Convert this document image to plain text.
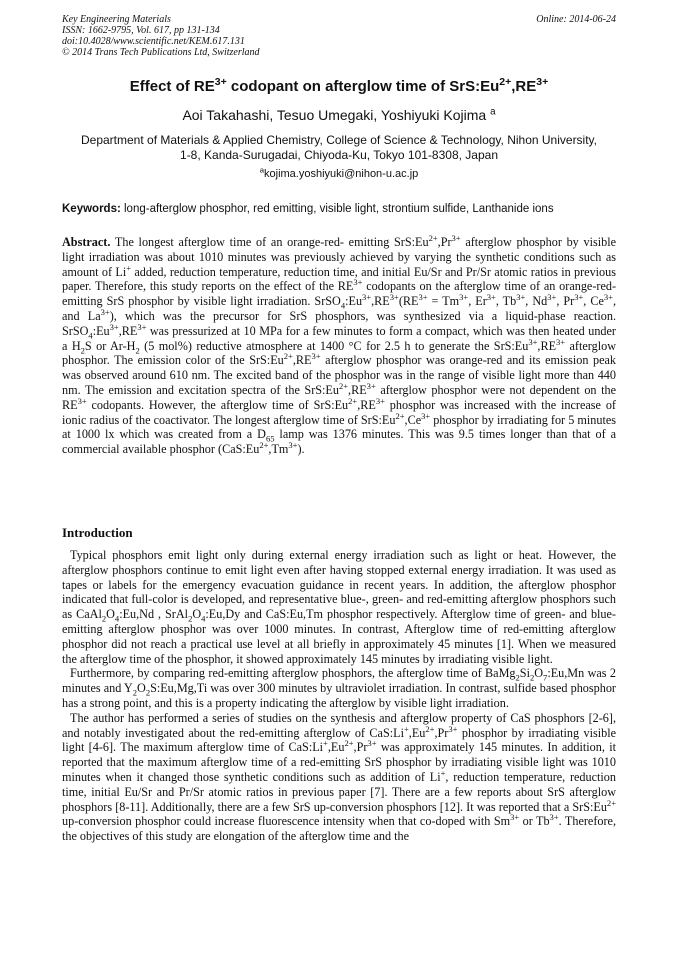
Key Engineering Materials
ISSN: 1662-9795, Vol. 617, pp 131-134
doi:10.4028/www.scientific.net/KEM.617.131
© 2014 Trans Tech Publications Ltd, Switzerland
Online: 2014-06-24
Effect of $RE^{3+}$ codopant on afterglow time of $SrS:Eu^{2+},RE^{3+}$
Aoi Takahashi, Tesuo Umegaki, Yoshiyuki Kojima $^a$
Department of Materials & Applied Chemistry, College of Science & Technology, Nihon University,
1-8, Kanda-Surugadai, Chiyoda-Ku, Tokyo 101-8308, Japan
$^a$kojima.yoshiyuki@nihon-u.ac.jp
Keywords: long-afterglow phosphor, red emitting, visible light, strontium sulfide, Lanthanide ions
Abstract. The longest afterglow time of an orange-red- emitting $SrS:Eu^{2+},Pr^{3+}$ afterglow phosphor by visible light irradiation was about 1010 minutes was previously achieved by varying the synthetic conditions such as amount of Li+ added, reduction temperature, reduction time, and initial Eu/Sr and Pr/Sr atomic ratios in previous paper. Therefore, this study reports on the effect of the $RE^{3+}$ codopants on the afterglow time of an orange-red-emitting SrS phosphor by visible light irradiation. $SrSO_4:Eu^{3+},RE^{3+}(RE^{3+} = Tm^{3+}$, $Er^{3+}$, $Tb^{3+}$, $Nd^{3+}$, $Pr^{3+}$, $Ce^{3+}$, and $La^{3+}$), which was the precursor for SrS phosphors, was synthesized via a liquid-phase reaction. $SrSO_4:Eu^{3+},RE^{3+}$ was pressurized at 10 MPa for a few minutes to form a compact, which was then heated under a $H_2S$ or $Ar-H_2$ (5 mol%) reductive atmosphere at 1400 °C for 2.5 h to generate the $SrS:Eu^{3+},RE^{3+}$ afterglow phosphor. The emission color of the $SrS:Eu^{2+},RE^{3+}$ afterglow phosphor was orange-red and its emission peak was observed around 610 nm. The excited band of the phosphor was in the range of visible light more than 440 nm. The emission and excitation spectra of the $SrS:Eu^{2+},RE^{3+}$ afterglow phosphor were not dependent on the $RE^{3+}$ codopants. However, the afterglow time of $SrS:Eu^{2+},RE^{3+}$ phosphor was increased with the increase of ionic radius of the coactivator. The longest afterglow time of $SrS:Eu^{2+},Ce^{3+}$ phosphor by irradiating for 5 minutes at 1000 lx which was created from a $D_{65}$ lamp was 1376 minutes. This was 9.5 times longer than that of a commercial available phosphor $(CaS:Eu^{2+},Tm^{3+})$.
Introduction

Typical phosphors emit light only during external energy irradiation such as light or heat. However, the afterglow phosphors continue to emit light even after having stopped external energy irradiation. It was used as tapes or labels for the emergency evacuation guidance in recent years. In addition, the afterglow phosphor indicated that full-color is developed, and representative blue-, green- and red-emitting afterglow phosphors such as $CaAl_2O_4:Eu,Nd$ , $SrAl_2O_4:Eu,Dy$ and CaS:Eu,Tm phosphor respectively. Afterglow time of green- and blue-emitting afterglow phosphor was over 1000 minutes. In contrast, Afterglow time of red-emitting afterglow phosphor did not reach a practical use level at all briefly in approximately 45 minutes [1]. When we measured the afterglow time of the phosphor, it showed approximately 145 minutes by irradiating visible light.

Furthermore, by comparing red-emitting afterglow phosphors, the afterglow time of $BaMg_2Si_2O_7:Eu,Mn$ was 2 minutes and $Y_2O_2S:Eu,Mg,Ti$ was over 300 minutes by ultraviolet irradiation. In contrast, sulfide based phosphor has a strong point, and this is a property indicating the afterglow by visible light irradiation.

The author has performed a series of studies on the synthesis and afterglow property of CaS phosphors [2-6], and notably investigated about the red-emitting afterglow of $CaS:Li^+,Eu^{2+},Pr^{3+}$ phosphor by irradiating visible light [4-6]. The maximum afterglow time of $CaS:Li^+,Eu^{2+},Pr^{3+}$ was approximately 145 minutes. In addition, it reported that the maximum afterglow time of a red-emitting SrS phosphor by irradiating visible light was 1010 minutes when it changed those synthetic conditions such as addition of Li+, reduction temperature, reduction time, initial Eu/Sr and Pr/Sr atomic ratios in previous paper [7]. There are a few reports about SrS afterglow phosphors [8-11]. Additionally, there are a few SrS up-conversion phosphors [12]. It was reported that a $SrS:Eu^{2+}$ up-conversion phosphor could increase fluorescence intensity when that co-doped with $Sm^{3+}$ or $Tb^{3+}$. Therefore, the objectives of this study are elongation of the afterglow time and the
